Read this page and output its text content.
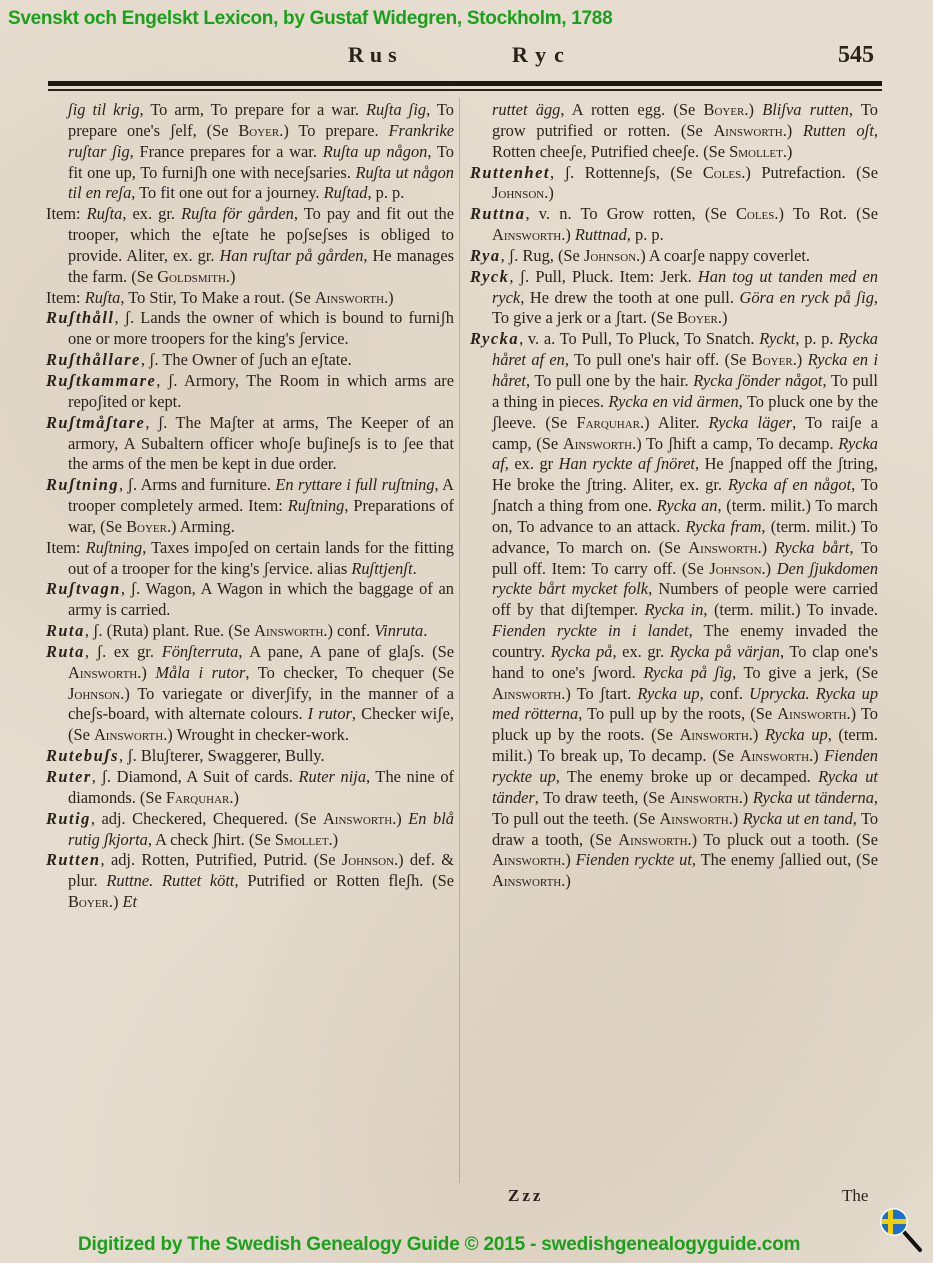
Svenskt och Engelskt Lexicon, by Gustaf Widegren, Stockholm, 1788
Rus	Ryc	545

ʃig til krig, To arm, To prepare for a war. Ruʃta ʃig, To prepare one's ʃelf, (Se Boyer.) To prepare. Frankrike ruʃtar ʃig, France prepares for a war. Ruʃta up någon, To fit one up, To furniʃh one with neceʃsaries. Ruʃta ut någon til en reʃa, To fit one out for a journey. Ruʃtad, p. p.

Item: Ruʃta, ex. gr. Ruʃta för gården, To pay and fit out the trooper, which the eʃtate he poʃseʃses is obliged to provide. Aliter, ex. gr. Han ruʃtar på gården, He manages the farm. (Se Goldsmith.)

Item: Ruʃta, To Stir, To Make a rout. (Se Ainsworth.)

Ruʃthåll, ʃ. Lands the owner of which is bound to furniʃh one or more troopers for the king's ʃervice.

Ruʃthållare, ʃ. The Owner of ʃuch an eʃtate.

Ruʃtkammare, ʃ. Armory, The Room in which arms are repoʃited or kept.

Ruʃtmåʃtare, ʃ. The Maʃter at arms, The Keeper of an armory, A Subaltern officer whoʃe buʃineʃs is to ʃee that the arms of the men be kept in due order.

Ruʃtning, ʃ. Arms and furniture. En ryttare i full ruʃtning, A trooper completely armed. Item: Ruʃtning, Preparations of war, (Se Boyer.) Arming.

Item: Ruʃtning, Taxes impoʃed on certain lands for the fitting out of a trooper for the king's ʃervice. alias Ruʃttjenʃt.

Ruʃtvagn, ʃ. Wagon, A Wagon in which the baggage of an army is carried.

Ruta, ʃ. (Ruta) plant. Rue. (Se Ainsworth.) conf. Vinruta.

Ruta, ʃ. ex gr. Fönʃterruta, A pane, A pane of glaʃs. (Se Ainsworth.) Måla i rutor, To checker, To chequer (Se Johnson.) To variegate or diverʃify, in the manner of a cheʃs-board, with alternate colours. I rutor, Checker wiʃe, (Se Ainsworth.) Wrought in checker-work.

Rutebuʃs, ʃ. Bluʃterer, Swaggerer, Bully.

Ruter, ʃ. Diamond, A Suit of cards. Ruter nija, The nine of diamonds. (Se Farquhar.)

Rutig, adj. Checkered, Chequered. (Se Ainsworth.) En blå rutig ʃkjorta, A check ʃhirt. (Se Smollet.)

Rutten, adj. Rotten, Putrified, Putrid. (Se Johnson.) def. & plur. Ruttne. Ruttet kött, Putrified or Rotten fleʃh. (Se Boyer.) Et

ruttet ägg, A rotten egg. (Se Boyer.) Bliʃva rutten, To grow putrified or rotten. (Se Ainsworth.) Rutten oʃt, Rotten cheeʃe, Putrified cheeʃe. (Se Smollet.)

Ruttenhet, ʃ. Rottenneʃs, (Se Coles.) Putrefaction. (Se Johnson.)

Ruttna, v. n. To Grow rotten, (Se Coles.) To Rot. (Se Ainsworth.) Ruttnad, p. p.

Rya, ʃ. Rug, (Se Johnson.) A coarʃe nappy coverlet.

Ryck, ʃ. Pull, Pluck. Item: Jerk. Han tog ut tanden med en ryck, He drew the tooth at one pull. Göra en ryck på ʃig, To give a jerk or a ʃtart. (Se Boyer.)

Rycka, v. a. To Pull, To Pluck, To Snatch. Ryckt, p. p. Rycka håret af en, To pull one's hair off. (Se Boyer.) Rycka en i håret, To pull one by the hair. Rycka ʃönder något, To pull a thing in pieces. Rycka en vid ärmen, To pluck one by the ʃleeve. (Se Farquhar.) Aliter. Rycka läger, To raiʃe a camp, (Se Ainsworth.) To ʃhift a camp, To decamp. Rycka af, ex. gr Han ryckte af ʃnöret, He ʃnapped off the ʃtring, He broke the ʃtring. Aliter, ex. gr. Rycka af en något, To ʃnatch a thing from one. Rycka an, (term. milit.) To march on, To advance to an attack. Rycka fram, (term. milit.) To advance, To march on. (Se Ainsworth.) Rycka bårt, To pull off. Item: To carry off. (Se Johnson.) Den ʃjukdomen ryckte bårt mycket folk, Numbers of people were carried off by that diʃtemper. Rycka in, (term. milit.) To invade. Fienden ryckte in i landet, The enemy invaded the country. Rycka på, ex. gr. Rycka på värjan, To clap one's hand to one's ʃword. Rycka på ʃig, To give a jerk, (Se Ainsworth.) To ʃtart. Rycka up, conf. Uprycka. Rycka up med rötterna, To pull up by the roots, (Se Ainsworth.) To pluck up by the roots. (Se Ainsworth.) Rycka up, (term. milit.) To break up, To decamp. (Se Ainsworth.) Fienden ryckte up, The enemy broke up or decamped. Rycka ut tänder, To draw teeth, (Se Ainsworth.) Rycka ut tänderna, To pull out the teeth. (Se Ainsworth.) Rycka ut en tand, To draw a tooth, (Se Ainsworth.) To pluck out a tooth. (Se Ainsworth.) Fienden ryckte ut, The enemy ʃallied out, (Se Ainsworth.)

Zzz	The
Digitized by The Swedish Genealogy Guide © 2015 - swedishgenealogyguide.com
